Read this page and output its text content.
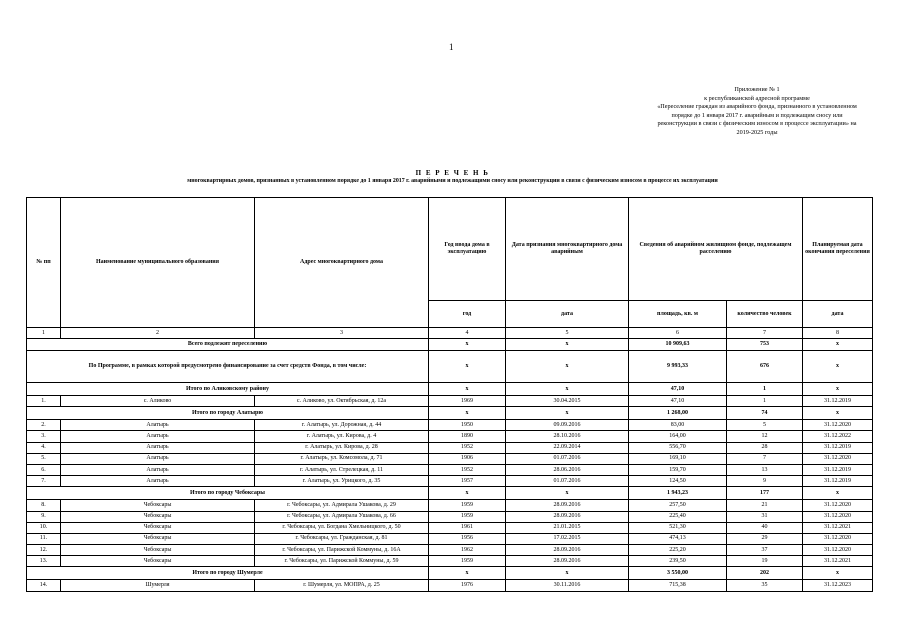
1
Приложение № 1
к республиканской адресной программе
«Переселение граждан из аварийного фонда, признанного в установленном
порядке до 1 января 2017 г. аварийным и подлежащим сносу или
реконструкции в связи с физическим износом в процессе эксплуатации» на
2019-2025 годы
П Е Р Е Ч Е Н Ь
многоквартирных домов, признанных в установленном порядке до 1 января 2017 г. аварийными и подлежащими сносу или реконструкции в связи с физическим износом в процессе их эксплуатации
№ пп	Наименование муниципального образования	Адрес многоквартирного дома	Год ввода дома в эксплуатацию	Дата признания многоквартирного дома аварийным	Сведения об аварийном жилищном фонде, подлежащем расселению		Планируемая дата окончания переселения
			год	дата	площадь, кв. м	количество человек	дата
1	2	3	4	5	6	7	8
Всего подлежит переселению			х	х	10 909,63	753	х
По Программе, в рамках которой предусмотрено финансирование за счет средств Фонда, в том числе:			х	х	9 993,33	676	х
Итого по Аликовскому району			х	х	47,10	1	х
1.	с. Аликово	с. Аликово, ул. Октябрьская, д. 12а	1969	30.04.2015	47,10	1	31.12.2019
Итого по городу Алатырю			х	х	1 268,00	74	х
2.	Алатырь	г. Алатырь, ул. Дорожная, д. 44	1950	09.09.2016	83,00	5	31.12.2020
3.	Алатырь	г. Алатырь, ул. Кирова, д. 4	1890	28.10.2016	164,00	12	31.12.2022
4.	Алатырь	г. Алатырь, ул. Кирова, д. 28	1952	22.09.2014	556,70	28	31.12.2019
5.	Алатырь	г. Алатырь, ул. Комсомола, д. 71	1906	01.07.2016	169,10	7	31.12.2020
6.	Алатырь	г. Алатырь, ул. Стрелецкая, д. 11	1952	28.06.2016	159,70	13	31.12.2019
7.	Алатырь	г. Алатырь, ул. Урицкого, д. 35	1957	01.07.2016	124,50	9	31.12.2019
Итого по городу Чебоксары			х	х	1 943,23	177	х
8.	Чебоксары	г. Чебоксары, ул. Адмирала Ушакова, д. 29	1959	28.09.2016	257,50	21	31.12.2020
9.	Чебоксары	г. Чебоксары, ул. Адмирала Ушакова, д. 66	1959	28.09.2016	225,40	31	31.12.2020
10.	Чебоксары	г. Чебоксары, ул. Богдана Хмельницкого, д. 50	1961	21.01.2015	521,30	40	31.12.2021
11.	Чебоксары	г. Чебоксары, ул. Гражданская, д. 81	1956	17.02.2015	474,13	29	31.12.2020
12.	Чебоксары	г. Чебоксары, ул. Парижской Коммуны, д. 16А	1962	28.09.2016	225,20	37	31.12.2020
13.	Чебоксары	г. Чебоксары, ул. Парижской Коммуны, д. 59	1959	28.09.2016	239,50	19	31.12.2021
Итого по городу Шумерле			х	х	3 550,00	202	х
14.	Шумерля	г. Шумерля, ул. МОПРА, д. 25	1976	30.11.2016	715,38	35	31.12.2023
